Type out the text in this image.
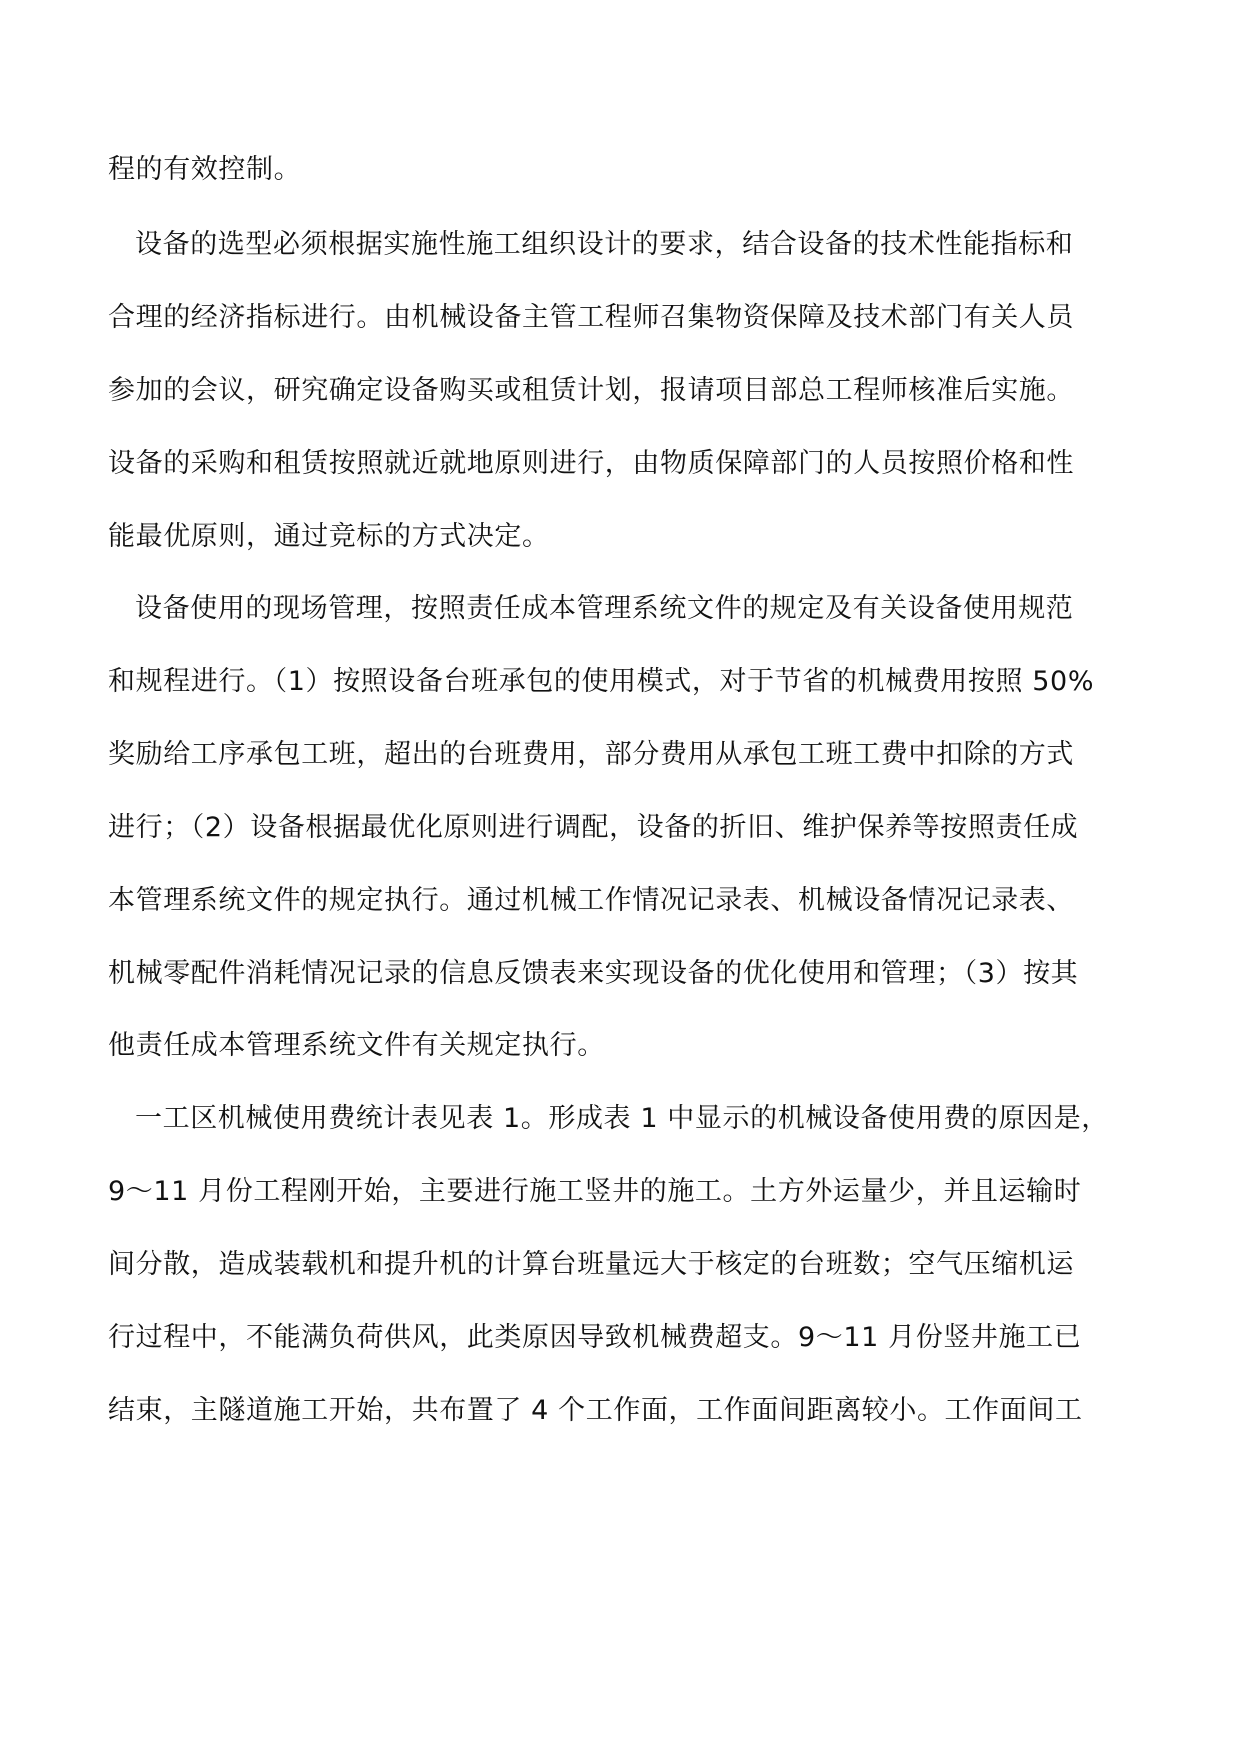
程的有效控制。
设备的选型必须根据实施性施工组织设计的要求，结合设备的技术性能指标和
合理的经济指标进行。由机械设备主管工程师召集物资保障及技术部门有关人员
参加的会议，研究确定设备购买或租赁计划，报请项目部总工程师核准后实施。
设备的采购和租赁按照就近就地原则进行，由物质保障部门的人员按照价格和性
能最优原则，通过竞标的方式决定。
设备使用的现场管理，按照责任成本管理系统文件的规定及有关设备使用规范
和规程进行。（1）按照设备台班承包的使用模式，对于节省的机械费用按照 50%
奖励给工序承包工班，超出的台班费用，部分费用从承包工班工费中扣除的方式
进行；（2）设备根据最优化原则进行调配，设备的折旧、维护保养等按照责任成
本管理系统文件的规定执行。通过机械工作情况记录表、机械设备情况记录表、
机械零配件消耗情况记录的信息反馈表来实现设备的优化使用和管理；（3）按其
他责任成本管理系统文件有关规定执行。
一工区机械使用费统计表见表 1。形成表 1 中显示的机械设备使用费的原因是，
9～11 月份工程刚开始，主要进行施工竖井的施工。土方外运量少，并且运输时
间分散，造成装载机和提升机的计算台班量远大于核定的台班数；空气压缩机运
行过程中，不能满负荷供风，此类原因导致机械费超支。9～11 月份竖井施工已
结束，主隧道施工开始，共布置了 4 个工作面，工作面间距离较小。工作面间工
